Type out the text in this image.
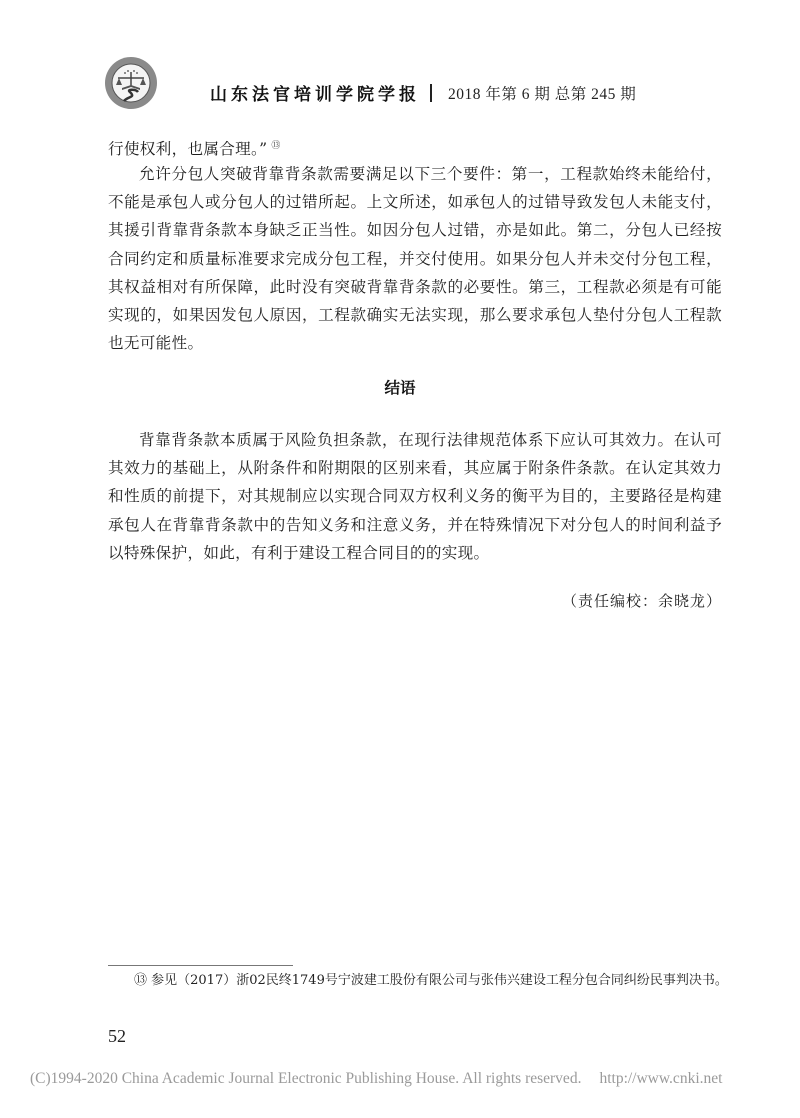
山东法官培训学院学报 2018 年第 6 期 总第 245 期
行使权利，也属合理。” ⑬
允许分包人突破背靠背条款需要满足以下三个要件：第一，工程款始终未能给付，不能是承包人或分包人的过错所起。上文所述，如承包人的过错导致发包人未能支付，其援引背靠背条款本身缺乏正当性。如因分包人过错，亦是如此。第二，分包人已经按合同约定和质量标准要求完成分包工程，并交付使用。如果分包人并未交付分包工程，其权益相对有所保障，此时没有突破背靠背条款的必要性。第三，工程款必须是有可能实现的，如果因发包人原因，工程款确实无法实现，那么要求承包人垫付分包人工程款也无可能性。
结语
背靠背条款本质属于风险负担条款，在现行法律规范体系下应认可其效力。在认可其效力的基础上，从附条件和附期限的区别来看，其应属于附条件条款。在认定其效力和性质的前提下，对其规制应以实现合同双方权利义务的衡平为目的，主要路径是构建承包人在背靠背条款中的告知义务和注意义务，并在特殊情况下对分包人的时间利益予以特殊保护，如此，有利于建设工程合同目的的实现。
（责任编校：余晓龙）
⑬ 参见（2017）浙02民终1749号宁波建工股份有限公司与张伟兴建设工程分包合同纠纷民事判决书。
52
(C)1994-2020 China Academic Journal Electronic Publishing House. All rights reserved. http://www.cnki.net
